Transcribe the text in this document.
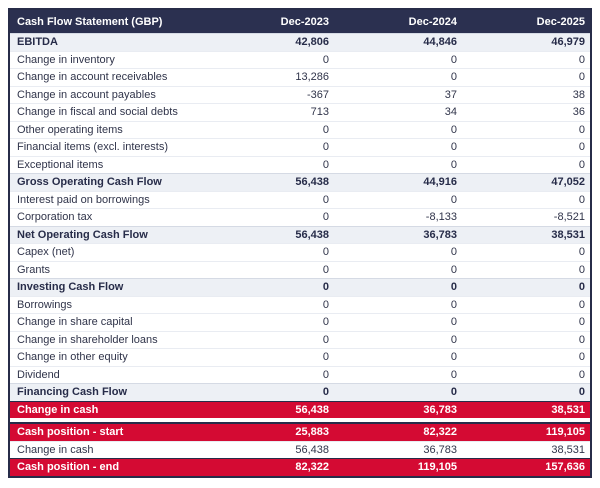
Cash Flow Statement (GBP)	Dec-2023	Dec-2024	Dec-2025
EBITDA	42,806	44,846	46,979
Change in inventory	0	0	0
Change in account receivables	13,286	0	0
Change in account payables	-367	37	38
Change in fiscal and social debts	713	34	36
Other operating items	0	0	0
Financial items (excl. interests)	0	0	0
Exceptional items	0	0	0
Gross Operating Cash Flow	56,438	44,916	47,052
Interest paid on borrowings	0	0	0
Corporation tax	0	-8,133	-8,521
Net Operating Cash Flow	56,438	36,783	38,531
Capex (net)	0	0	0
Grants	0	0	0
Investing Cash Flow	0	0	0
Borrowings	0	0	0
Change in share capital	0	0	0
Change in shareholder loans	0	0	0
Change in other equity	0	0	0
Dividend	0	0	0
Financing Cash Flow	0	0	0
Change in cash	56,438	36,783	38,531
Cash position - start	25,883	82,322	119,105
Change in cash	56,438	36,783	38,531
Cash position - end	82,322	119,105	157,636
